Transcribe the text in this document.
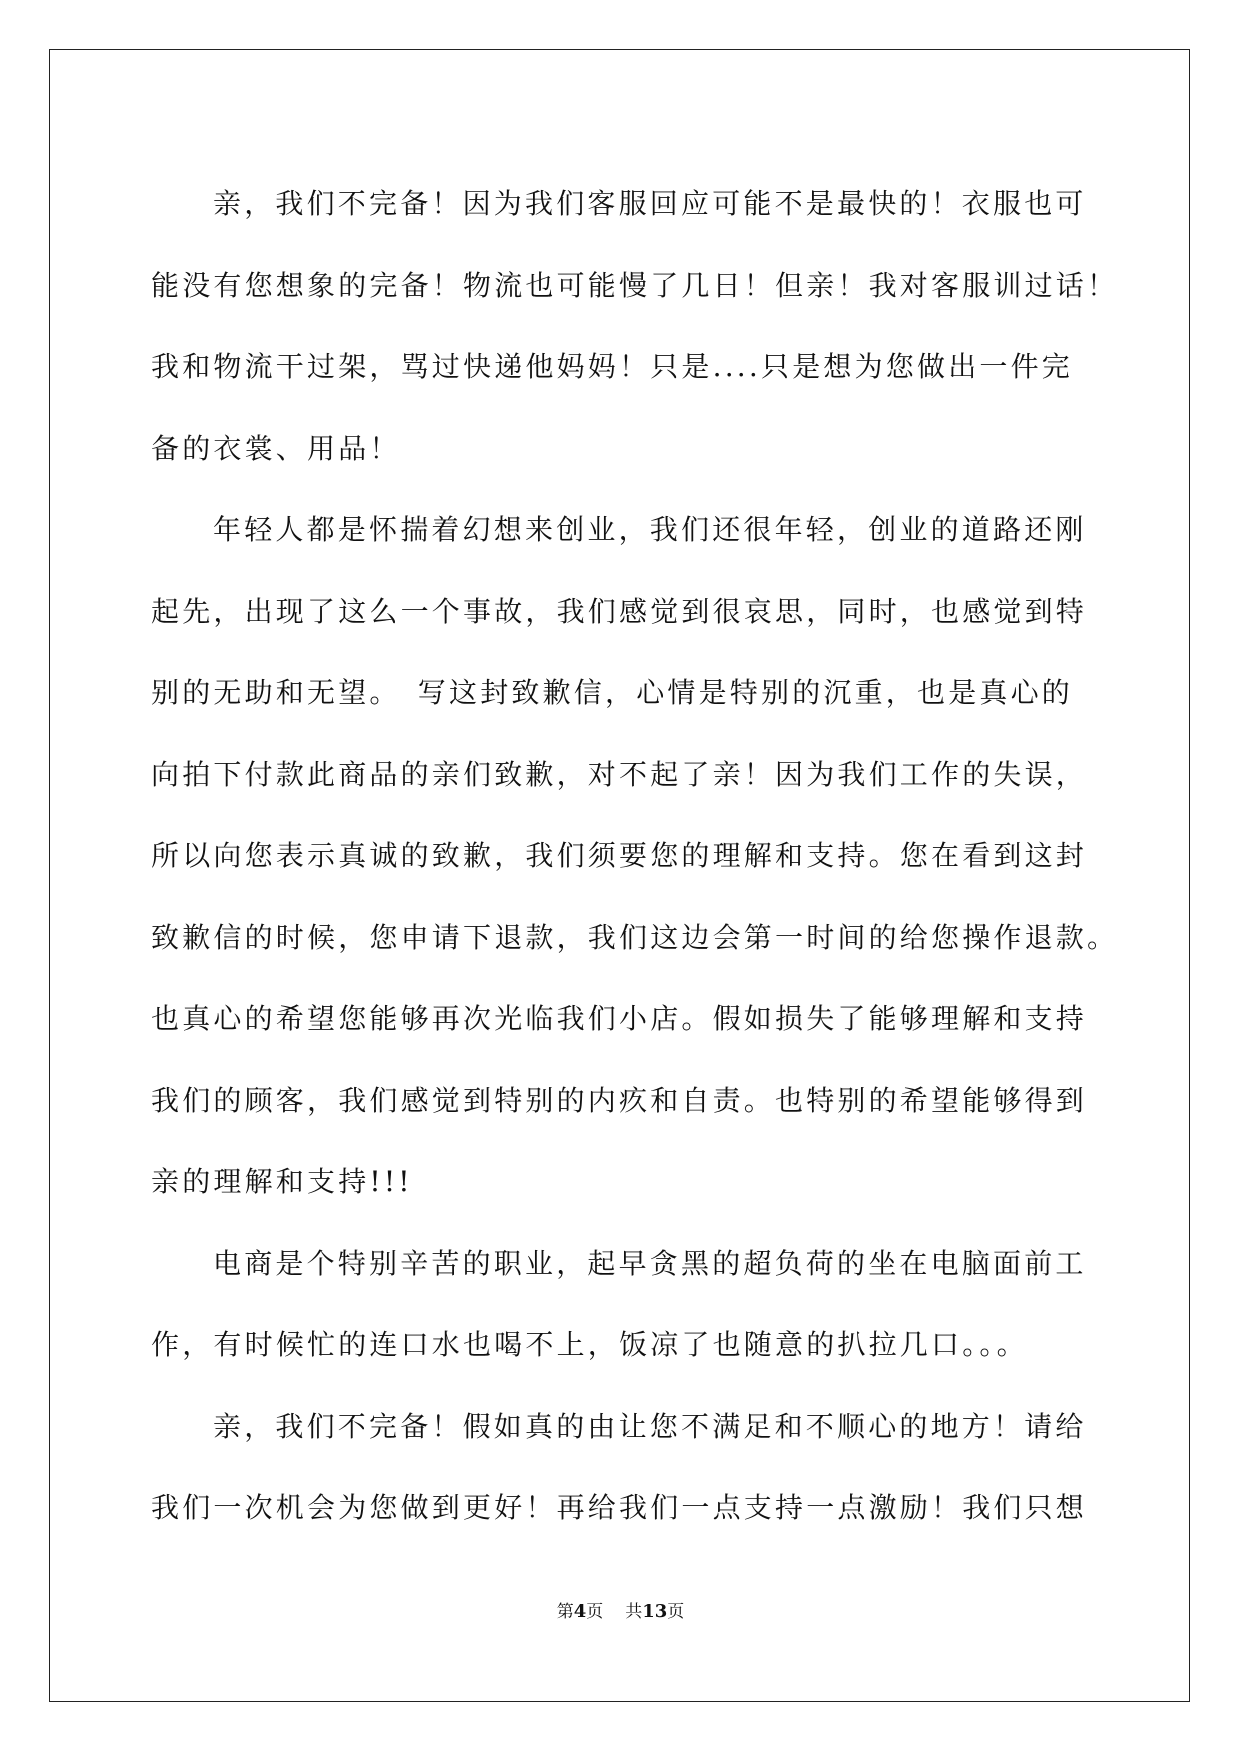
亲，我们不完备！因为我们客服回应可能不是最快的！衣服也可
能没有您想象的完备！物流也可能慢了几日！但亲！我对客服训过话！
我和物流干过架，骂过快递他妈妈！只是....只是想为您做出一件完
备的衣裳、用品！
年轻人都是怀揣着幻想来创业，我们还很年轻，创业的道路还刚
起先，出现了这么一个事故，我们感觉到很哀思，同时，也感觉到特
别的无助和无望。　写这封致歉信，心情是特别的沉重，也是真心的
向拍下付款此商品的亲们致歉，对不起了亲！因为我们工作的失误，
所以向您表示真诚的致歉，我们须要您的理解和支持。您在看到这封
致歉信的时候，您申请下退款，我们这边会第一时间的给您操作退款。
也真心的希望您能够再次光临我们小店。假如损失了能够理解和支持
我们的顾客，我们感觉到特别的内疚和自责。也特别的希望能够得到
亲的理解和支持!!!
电商是个特别辛苦的职业，起早贪黑的超负荷的坐在电脑面前工
作，有时候忙的连口水也喝不上，饭凉了也随意的扒拉几口。。。
亲，我们不完备！假如真的由让您不满足和不顺心的地方！请给
我们一次机会为您做到更好！再给我们一点支持一点激励！我们只想
第4页 共13页
